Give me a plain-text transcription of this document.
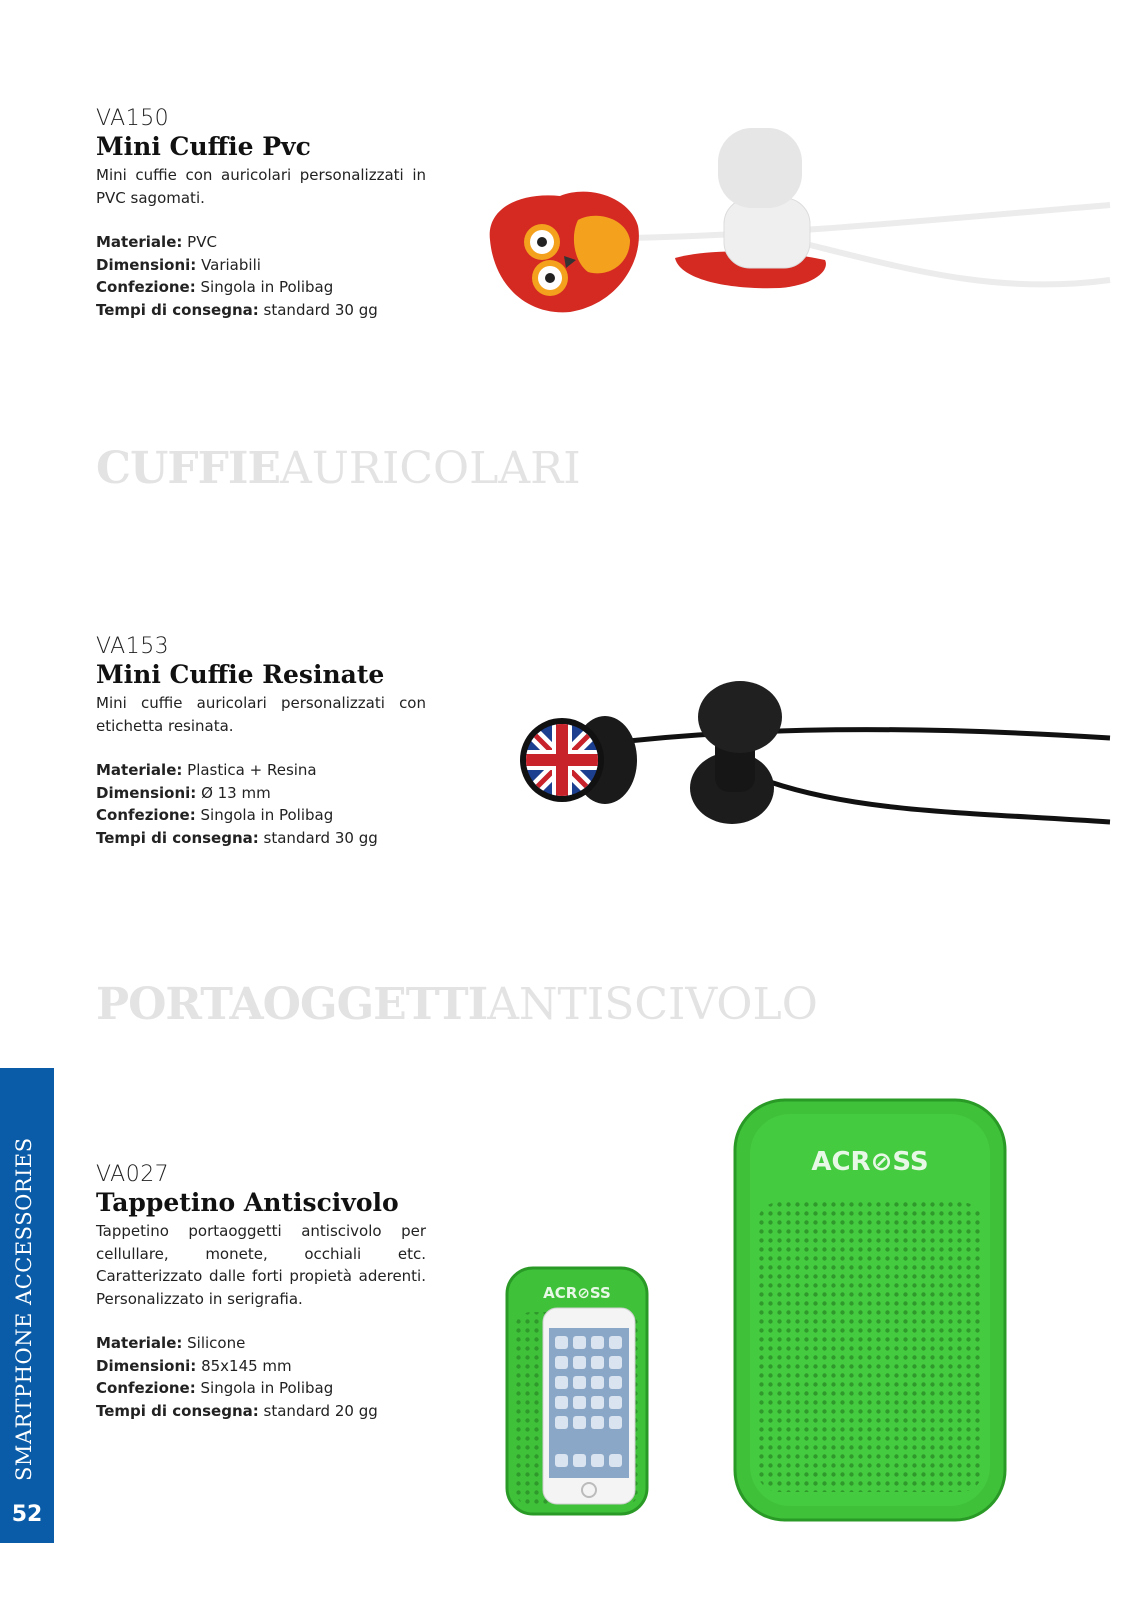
VA150
Mini Cuffie Pvc

Mini cuffie con auricolari personalizzati in PVC sagomati.

Materiale: PVC
Dimensioni: Variabili
Confezione: Singola in Polibag
Tempi di consegna: standard 30 gg
CUFFIEAURICOLARI
VA153
Mini Cuffie Resinate

Mini cuffie auricolari personalizzati con etichetta resinata.

Materiale: Plastica + Resina
Dimensioni: Ø 13 mm
Confezione: Singola in Polibag
Tempi di consegna: standard 30 gg
PORTAOGGETTIANTISCIVOLO
VA027
Tappetino Antiscivolo

Tappetino portaoggetti antiscivolo per cellullare, monete, occhiali etc. Caratterizzato dalle forti propietà aderenti. Personalizzato in serigrafia.

Materiale: Silicone
Dimensioni: 85x145 mm
Confezione: Singola in Polibag
Tempi di consegna: standard 20 gg
ACR⊘SS
ACR⊘SS
SMARTPHONE ACCESSORIES
52
